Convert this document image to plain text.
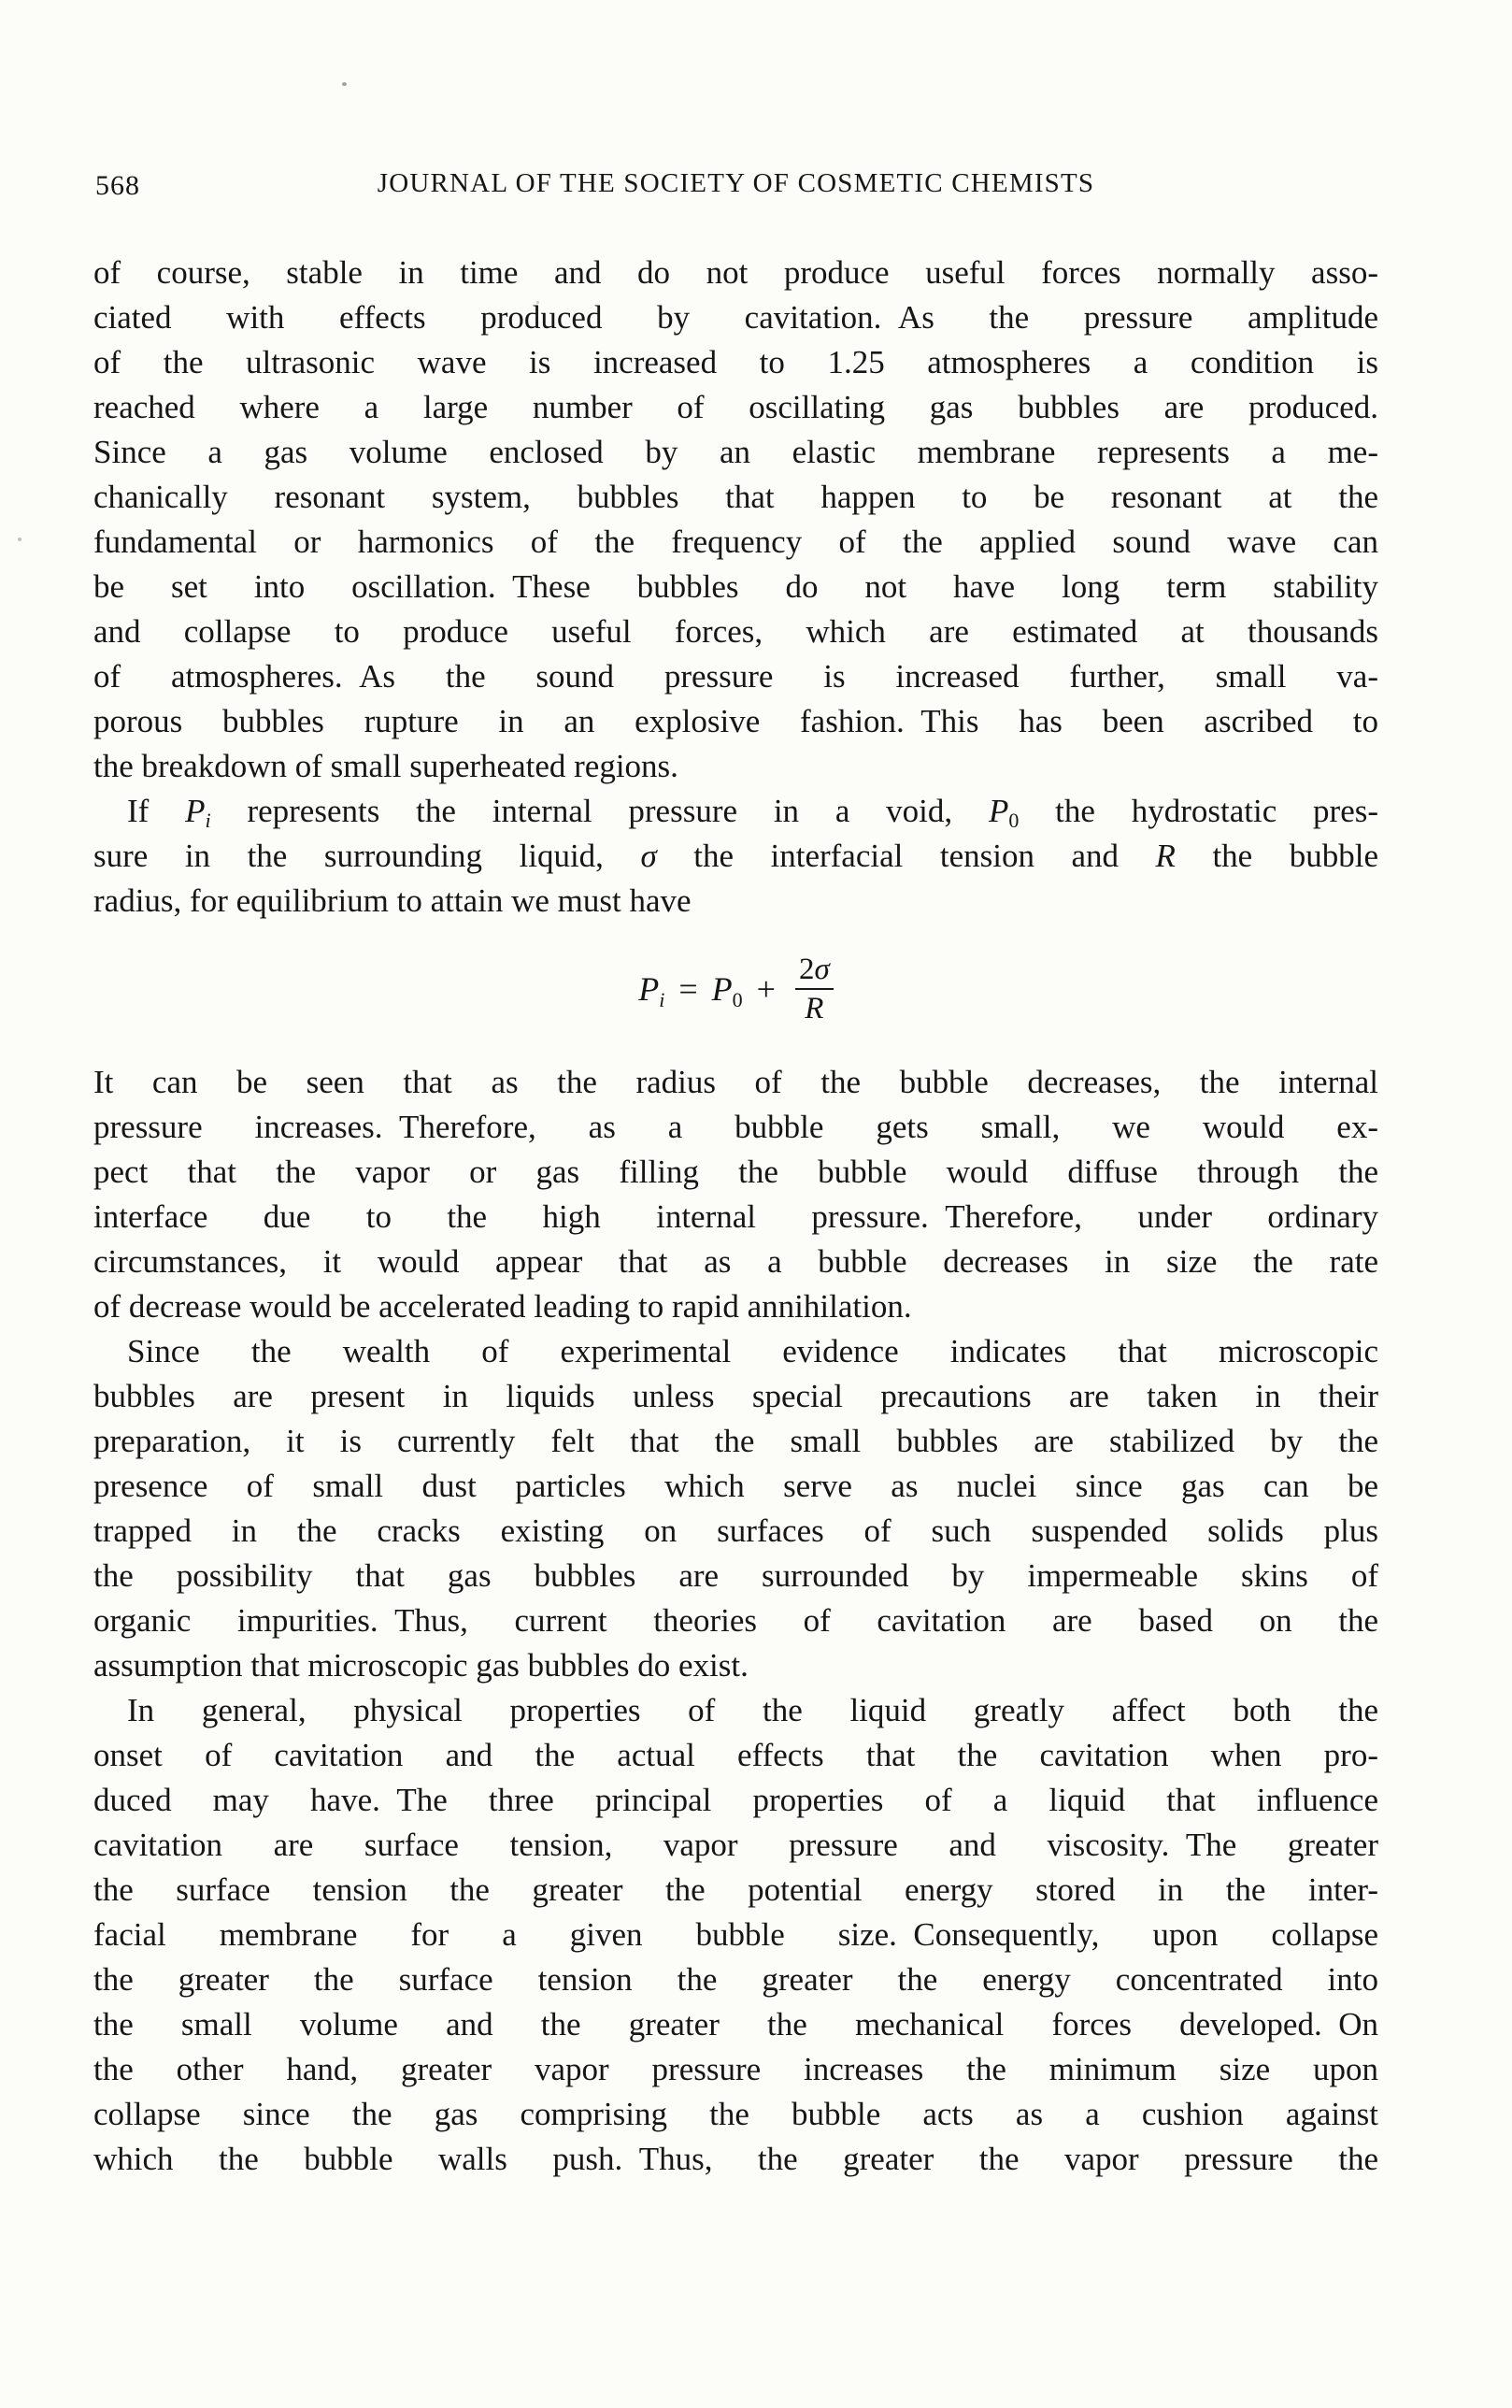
568	JOURNAL OF THE SOCIETY OF COSMETIC CHEMISTS
of course, stable in time and do not produce useful forces normally asso-
ciated with effects produced by cavitation. As the pressure amplitude
of the ultrasonic wave is increased to 1.25 atmospheres a condition is
reached where a large number of oscillating gas bubbles are produced.
Since a gas volume enclosed by an elastic membrane represents a me-
chanically resonant system, bubbles that happen to be resonant at the
fundamental or harmonics of the frequency of the applied sound wave can
be set into oscillation. These bubbles do not have long term stability
and collapse to produce useful forces, which are estimated at thousands
of atmospheres. As the sound pressure is increased further, small va-
porous bubbles rupture in an explosive fashion. This has been ascribed to
the breakdown of small superheated regions.
If Pi represents the internal pressure in a void, P0 the hydrostatic pres-
sure in the surrounding liquid, σ the interfacial tension and R the bubble
radius, for equilibrium to attain we must have
$Pi = P0 + \frac{2\sigma}{R}$
It can be seen that as the radius of the bubble decreases, the internal
pressure increases. Therefore, as a bubble gets small, we would ex-
pect that the vapor or gas filling the bubble would diffuse through the
interface due to the high internal pressure. Therefore, under ordinary
circumstances, it would appear that as a bubble decreases in size the rate
of decrease would be accelerated leading to rapid annihilation.
Since the wealth of experimental evidence indicates that microscopic
bubbles are present in liquids unless special precautions are taken in their
preparation, it is currently felt that the small bubbles are stabilized by the
presence of small dust particles which serve as nuclei since gas can be
trapped in the cracks existing on surfaces of such suspended solids plus
the possibility that gas bubbles are surrounded by impermeable skins of
organic impurities. Thus, current theories of cavitation are based on the
assumption that microscopic gas bubbles do exist.
In general, physical properties of the liquid greatly affect both the
onset of cavitation and the actual effects that the cavitation when pro-
duced may have. The three principal properties of a liquid that influence
cavitation are surface tension, vapor pressure and viscosity. The greater
the surface tension the greater the potential energy stored in the inter-
facial membrane for a given bubble size. Consequently, upon collapse
the greater the surface tension the greater the energy concentrated into
the small volume and the greater the mechanical forces developed. On
the other hand, greater vapor pressure increases the minimum size upon
collapse since the gas comprising the bubble acts as a cushion against
which the bubble walls push. Thus, the greater the vapor pressure the
